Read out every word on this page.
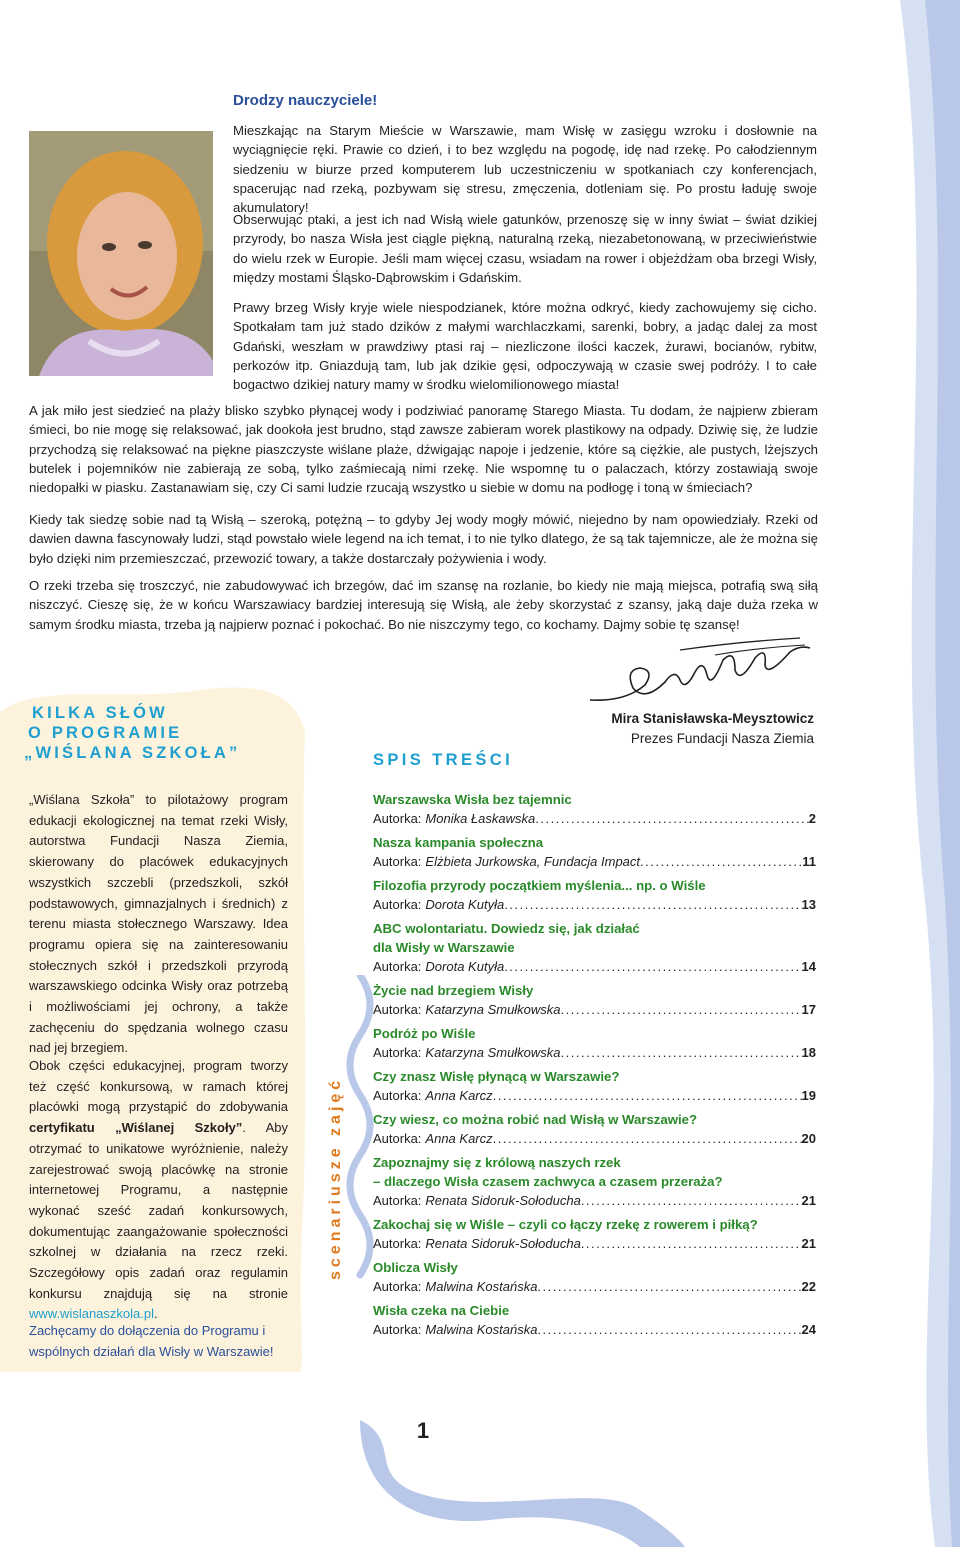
Drodzy nauczyciele!

Mieszkając na Starym Mieście w Warszawie, mam Wisłę w zasięgu wzroku i dosłownie na wyciągnięcie ręki. Prawie co dzień, i to bez względu na pogodę, idę nad rzekę. Po całodziennym siedzeniu w biurze przed komputerem lub uczestniczeniu w spotkaniach czy konferencjach, spacerując nad rzeką, pozbywam się stresu, zmęczenia, dotleniam się. Po prostu ładuję swoje akumulatory!

Obserwując ptaki, a jest ich nad Wisłą wiele gatunków, przenoszę się w inny świat – świat dzikiej przyrody, bo nasza Wisła jest ciągle piękną, naturalną rzeką, niezabetonowaną, w przeciwieństwie do wielu rzek w Europie. Jeśli mam więcej czasu, wsiadam na rower i objeżdżam oba brzegi Wisły, między mostami Śląsko-Dąbrowskim i Gdańskim.

Prawy brzeg Wisły kryje wiele niespodzianek, które można odkryć, kiedy zachowujemy się cicho. Spotkałam tam już stado dzików z małymi warchlaczkami, sarenki, bobry, a jadąc dalej za most Gdański, weszłam w prawdziwy ptasi raj – niezliczone ilości kaczek, żurawi, bocianów, rybitw, perkozów itp. Gniazdują tam, lub jak dzikie gęsi, odpoczywają w czasie swej podróży. I to całe bogactwo dzikiej natury mamy w środku wielomilionowego miasta!

A jak miło jest siedzieć na plaży blisko szybko płynącej wody i podziwiać panoramę Starego Miasta. Tu dodam, że najpierw zbieram śmieci, bo nie mogę się relaksować, jak dookoła jest brudno, stąd zawsze zabieram worek plastikowy na odpady. Dziwię się, że ludzie przychodzą się relaksować na piękne piaszczyste wiślane plaże, dźwigając napoje i jedzenie, które są ciężkie, ale pustych, lżejszych butelek i pojemników nie zabierają ze sobą, tylko zaśmiecają nimi rzekę. Nie wspomnę tu o palaczach, którzy zostawiają swoje niedopałki w piasku. Zastanawiam się, czy Ci sami ludzie rzucają wszystko u siebie w domu na podłogę i toną w śmieciach?

Kiedy tak siedzę sobie nad tą Wisłą – szeroką, potężną – to gdyby Jej wody mogły mówić, niejedno by nam opowiedziały. Rzeki od dawien dawna fascynowały ludzi, stąd powstało wiele legend na ich temat, i to nie tylko dlatego, że są tak tajemnicze, ale że można się było dzięki nim przemieszczać, przewozić towary, a także dostarczały pożywienia i wody.

O rzeki trzeba się troszczyć, nie zabudowywać ich brzegów, dać im szansę na rozlanie, bo kiedy nie mają miejsca, potrafią swą siłą niszczyć. Cieszę się, że w końcu Warszawiacy bardziej interesują się Wisłą, ale żeby skorzystać z szansy, jaką daje duża rzeka w samym środku miasta, trzeba ją najpierw poznać i pokochać. Bo nie niszczymy tego, co kochamy. Dajmy sobie tę szansę!

Mira Stanisławska-Meysztowicz

Prezes Fundacji Nasza Ziemia

KILKA SŁÓW
O PROGRAMIE
„WIŚLANA SZKOŁA”

„Wiślana Szkoła” to pilotażowy program edukacji ekologicznej na temat rzeki Wisły, autorstwa Fundacji Nasza Ziemia, skierowany do placówek edukacyjnych wszystkich szczebli (przedszkoli, szkół podstawowych, gimnazjalnych i średnich) z terenu miasta stołecznego Warszawy. Idea programu opiera się na zainteresowaniu stołecznych szkół i przedszkoli przyrodą warszawskiego odcinka Wisły oraz potrzebą i możliwościami jej ochrony, a także zachęceniu do spędzania wolnego czasu nad jej brzegiem.

Obok części edukacyjnej, program tworzy też część konkursową, w ramach której placówki mogą przystąpić do zdobywania certyfikatu „Wiślanej Szkoły”. Aby otrzymać to unikatowe wyróżnienie, należy zarejestrować swoją placówkę na stronie internetowej Programu, a następnie wykonać sześć zadań konkursowych, dokumentując zaangażowanie społeczności szkolnej w działania na rzecz rzeki. Szczegółowy opis zadań oraz regulamin konkursu znajdują się na stronie www.wislanaszkola.pl.

Zachęcamy do dołączenia do Programu i wspólnych działań dla Wisły w Warszawie!

scenariusze zajęć
SPIS TREŚCI
Warszawska Wisła bez tajemnic
Autorka: Monika Łaskawska .....	2
Nasza kampania społeczna
Autorka: Elżbieta Jurkowska, Fundacja Impact .....	11
Filozofia przyrody początkiem myślenia... np. o Wiśle
Autorka: Dorota Kutyła .....	13
ABC wolontariatu. Dowiedz się, jak działać
dla Wisły w Warszawie
Autorka: Dorota Kutyła .....	14
Życie nad brzegiem Wisły
Autorka: Katarzyna Smułkowska .....	17
Podróż po Wiśle
Autorka: Katarzyna Smułkowska .....	18
Czy znasz Wisłę płynącą w Warszawie?
Autorka: Anna Karcz .....	19
Czy wiesz, co można robić nad Wisłą w Warszawie?
Autorka: Anna Karcz .....	20
Zapoznajmy się z królową naszych rzek
– dlaczego Wisła czasem zachwyca a czasem przeraża?
Autorka: Renata Sidoruk-Sołoducha .....	21
Zakochaj się w Wiśle – czyli co łączy rzekę z rowerem i piłką?
Autorka: Renata Sidoruk-Sołoducha .....	21
Oblicza Wisły
Autorka: Malwina Kostańska .....	22
Wisła czeka na Ciebie
Autorka: Malwina Kostańska .....	24

1
